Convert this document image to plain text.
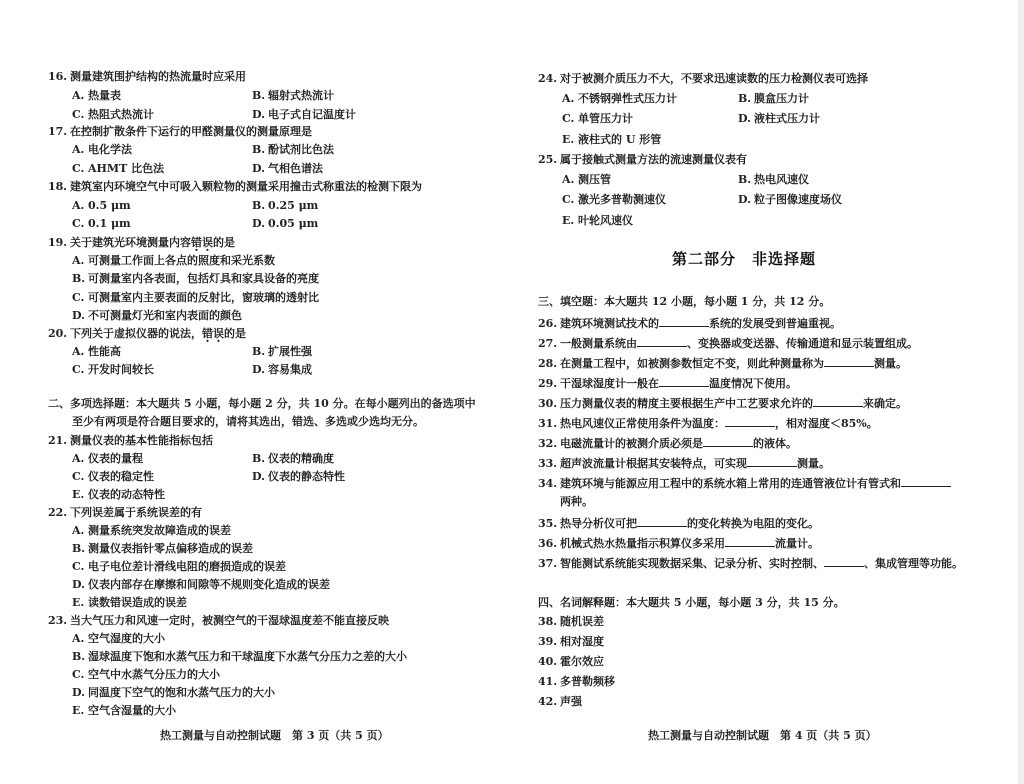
16. 测量建筑围护结构的热流量时应采用
A. 热量表	B. 辐射式热流计
C. 热阻式热流计	D. 电子式自记温度计
17. 在控制扩散条件下运行的甲醛测量仪的测量原理是
A. 电化学法	B. 酚试剂比色法
C. AHMT 比色法	D. 气相色谱法
18. 建筑室内环境空气中可吸入颗粒物的测量采用撞击式称重法的检测下限为
A. 0.5 μm	B. 0.25 μm
C. 0.1 μm	D. 0.05 μm
19. 关于建筑光环境测量内容错误的是
A. 可测量工作面上各点的照度和采光系数
B. 可测量室内各表面，包括灯具和家具设备的亮度
C. 可测量室内主要表面的反射比，窗玻璃的透射比
D. 不可测量灯光和室内表面的颜色
20. 下列关于虚拟仪器的说法，错误的是
A. 性能高	B. 扩展性强
C. 开发时间较长	D. 容易集成
二、多项选择题：本大题共 5 小题，每小题 2 分，共 10 分。在每小题列出的备选项中
至少有两项是符合题目要求的，请将其选出，错选、多选或少选均无分。
21. 测量仪表的基本性能指标包括
A. 仪表的量程	B. 仪表的精确度
C. 仪表的稳定性	D. 仪表的静态特性
E. 仪表的动态特性
22. 下列误差属于系统误差的有
A. 测量系统突发故障造成的误差
B. 测量仪表指针零点偏移造成的误差
C. 电子电位差计滑线电阻的磨损造成的误差
D. 仪表内部存在摩擦和间隙等不规则变化造成的误差
E. 读数错误造成的误差
23. 当大气压力和风速一定时，被测空气的干湿球温度差不能直接反映
A. 空气湿度的大小
B. 湿球温度下饱和水蒸气压力和干球温度下水蒸气分压力之差的大小
C. 空气中水蒸气分压力的大小
D. 同温度下空气的饱和水蒸气压力的大小
E. 空气含湿量的大小
热工测量与自动控制试题　第 3 页（共 5 页）
24. 对于被测介质压力不大，不要求迅速读数的压力检测仪表可选择
A. 不锈钢弹性式压力计	B. 膜盒压力计
C. 单管压力计	D. 液柱式压力计
E. 液柱式的 U 形管
25. 属于接触式测量方法的流速测量仪表有
A. 测压管	B. 热电风速仪
C. 激光多普勒测速仪	D. 粒子图像速度场仪
E. 叶轮风速仪
第二部分　非选择题
三、填空题：本大题共 12 小题，每小题 1 分，共 12 分。
26. 建筑环境测试技术的	系统的发展受到普遍重视。
27. 一般测量系统由	、变换器或变送器、传输通道和显示装置组成。
28. 在测量工程中，如被测参数恒定不变，则此种测量称为	测量。
29. 干湿球湿度计一般在	温度情况下使用。
30. 压力测量仪表的精度主要根据生产中工艺要求允许的	来确定。
31. 热电风速仪正常使用条件为温度：	，相对湿度＜85%。
32. 电磁流量计的被测介质必须是	的液体。
33. 超声波流量计根据其安装特点，可实现	测量。
34. 建筑环境与能源应用工程中的系统水箱上常用的连通管液位计有管式和
两种。
35. 热导分析仪可把	的变化转换为电阻的变化。
36. 机械式热水热量指示积算仪多采用	流量计。
37. 智能测试系统能实现数据采集、记录分析、实时控制、	、集成管理等功能。
四、名词解释题：本大题共 5 小题，每小题 3 分，共 15 分。
38. 随机误差
39. 相对湿度
40. 霍尔效应
41. 多普勒频移
42. 声强
热工测量与自动控制试题　第 4 页（共 5 页）
